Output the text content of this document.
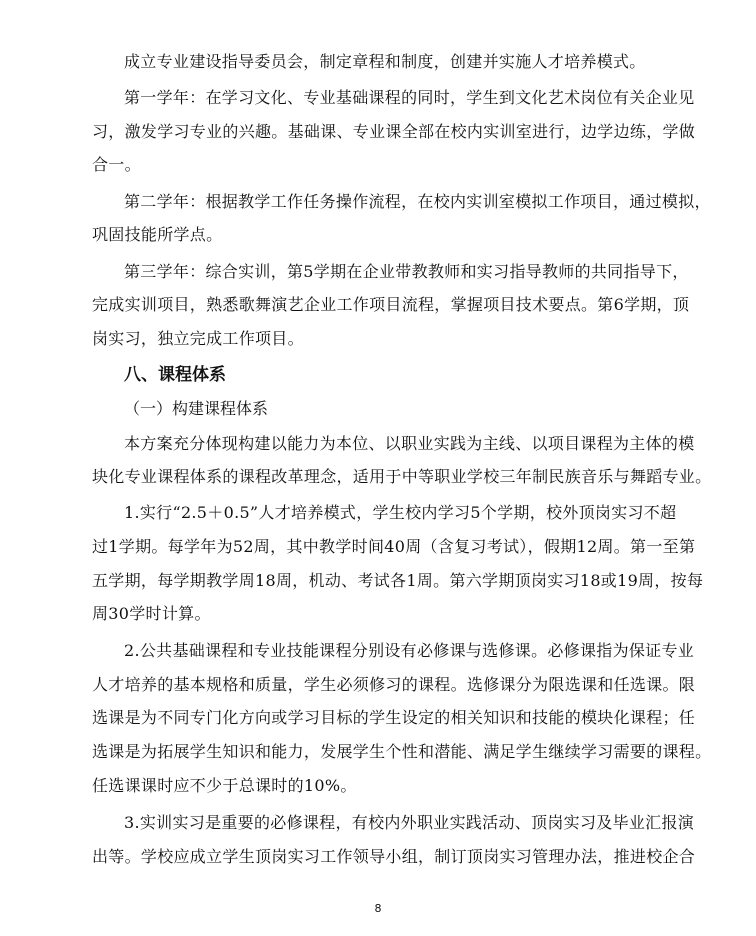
成立专业建设指导委员会，制定章程和制度，创建并实施人才培养模式。
第一学年：在学习文化、专业基础课程的同时，学生到文化艺术岗位有关企业见
习，激发学习专业的兴趣。基础课、专业课全部在校内实训室进行，边学边练，学做
合一。
第二学年：根据教学工作任务操作流程，在校内实训室模拟工作项目，通过模拟，
巩固技能所学点。
第三学年：综合实训，第5学期在企业带教教师和实习指导教师的共同指导下，
完成实训项目，熟悉歌舞演艺企业工作项目流程，掌握项目技术要点。第6学期，顶
岗实习，独立完成工作项目。
八、课程体系
（一）构建课程体系
本方案充分体现构建以能力为本位、以职业实践为主线、以项目课程为主体的模
块化专业课程体系的课程改革理念，适用于中等职业学校三年制民族音乐与舞蹈专业。
1.实行“2.5＋0.5”人才培养模式，学生校内学习5个学期，校外顶岗实习不超
过1学期。每学年为52周，其中教学时间40周（含复习考试），假期12周。第一至第
五学期，每学期教学周18周，机动、考试各1周。第六学期顶岗实习18或19周，按每
周30学时计算。
2.公共基础课程和专业技能课程分别设有必修课与选修课。必修课指为保证专业
人才培养的基本规格和质量，学生必须修习的课程。选修课分为限选课和任选课。限
选课是为不同专门化方向或学习目标的学生设定的相关知识和技能的模块化课程；任
选课是为拓展学生知识和能力，发展学生个性和潜能、满足学生继续学习需要的课程。
任选课课时应不少于总课时的10%。
3.实训实习是重要的必修课程，有校内外职业实践活动、顶岗实习及毕业汇报演
出等。学校应成立学生顶岗实习工作领导小组，制订顶岗实习管理办法，推进校企合
8
